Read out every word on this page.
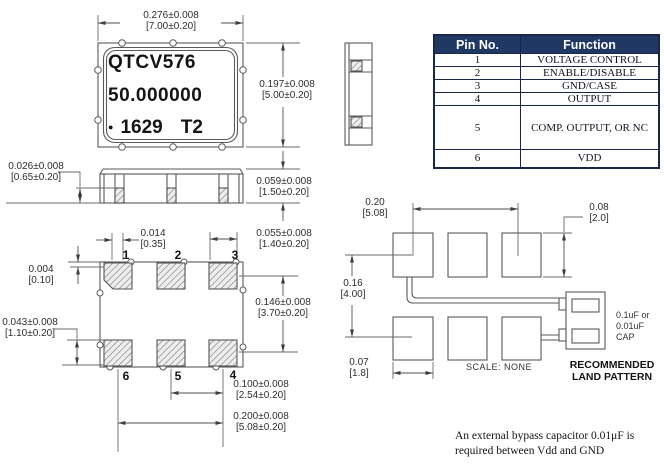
QTCV576
50.000000
● 1629 T2
0.276±0.008
[7.00±0.20]
0.197±0.008
[5.00±0.20]
0.026±0.008
[0.65±0.20]	0.059±0.008
[1.50±0.20]
0.014
[0.35]
0.055±0.008
[1.40±0.20]
0.004
[0.10]
0.043±0.008
[1.10±0.20]
0.146±0.008
[3.70±0.20]
0.100±0.008
[2.54±0.20]
0.200±0.008
[5.08±0.20]
1	2	3
6	5	4
Pin No.	Function
1	VOLTAGE CONTROL
2	ENABLE/DISABLE
3	GND/CASE
4	OUTPUT
5	COMP. OUTPUT, OR NC
6	VDD
0.20
[5.08]
0.08
[2.0]
0.16
[4.00]
0.07
[1.8]
SCALE: NONE	RECOMMENDED
LAND PATTERN
0.1uF or
0.01uF CAP
An external bypass capacitor 0.01μF is
required between Vdd and GND
